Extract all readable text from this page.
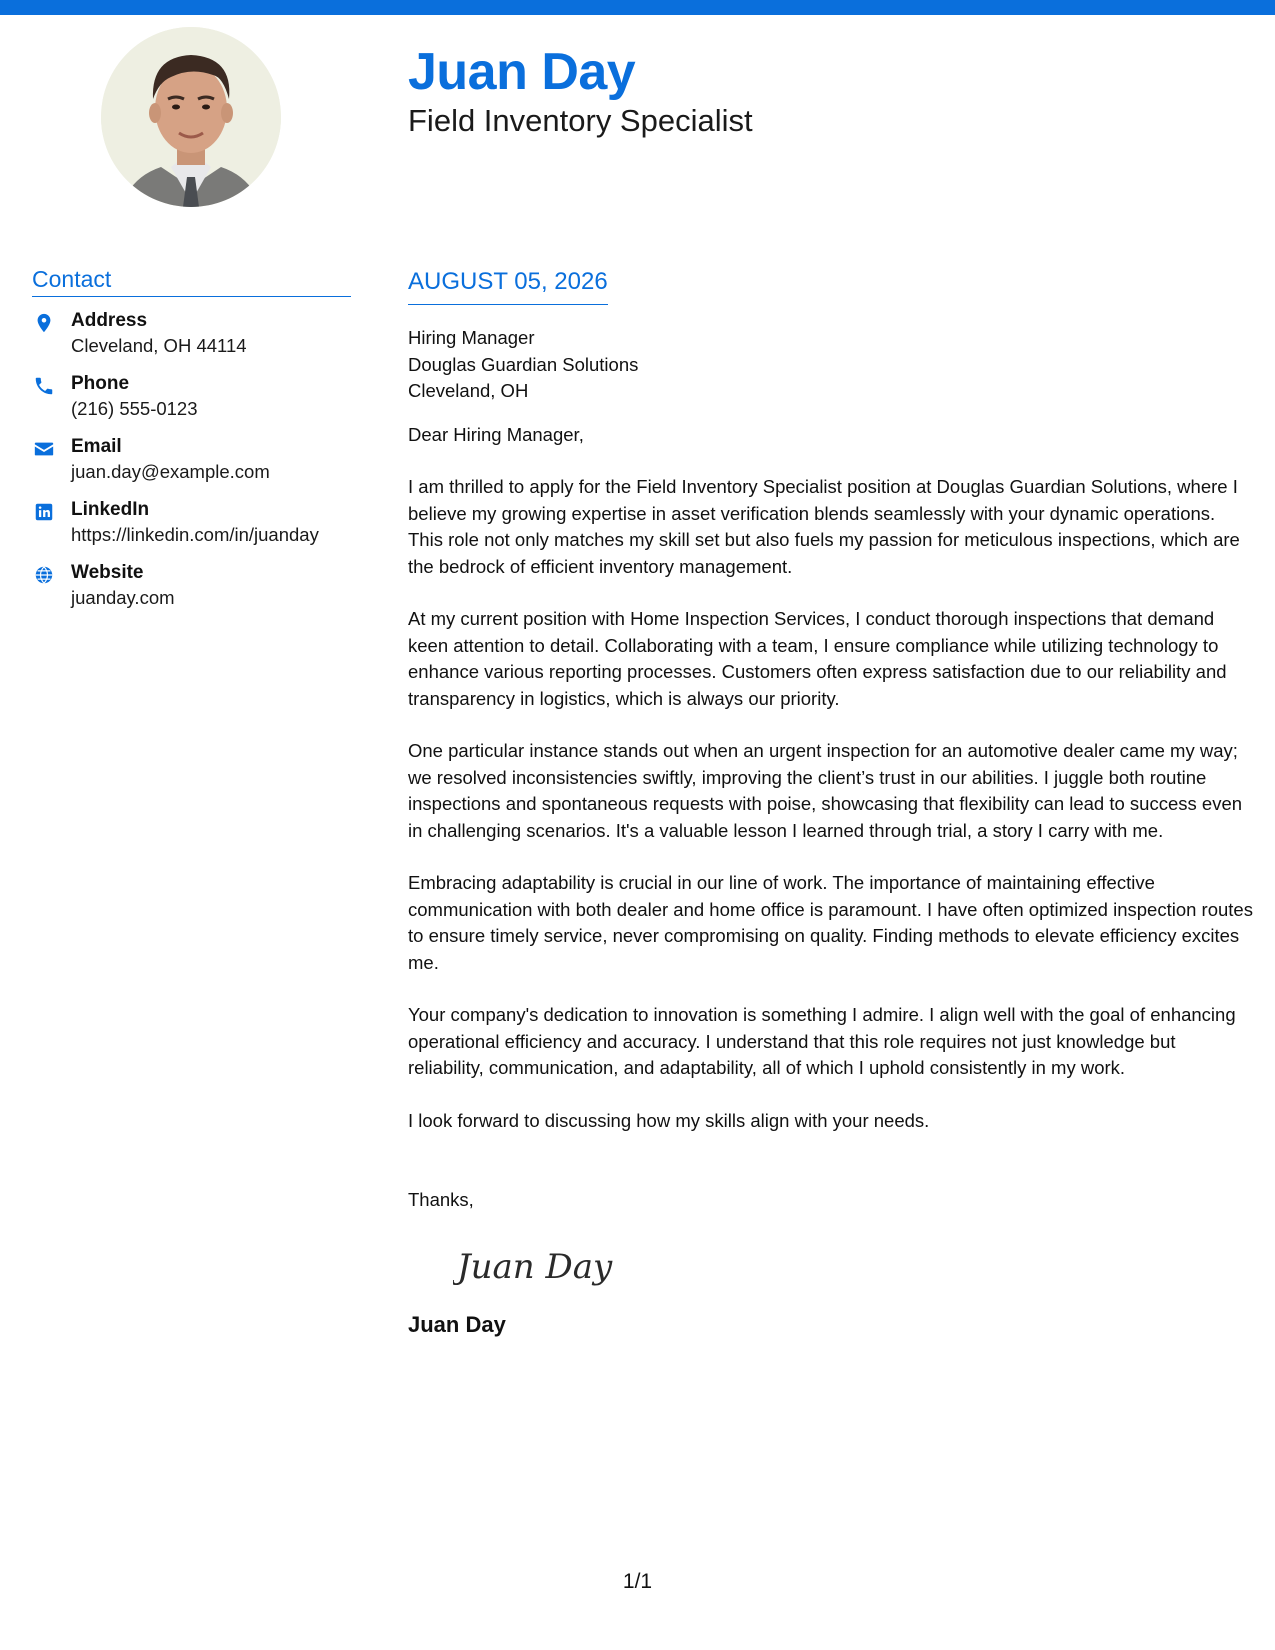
Juan Day
Field Inventory Specialist
Contact
Address
Cleveland, OH 44114
Phone
(216) 555-0123
Email
juan.day@example.com
LinkedIn
https://linkedin.com/in/juanday
Website
juanday.com
AUGUST 05, 2026
Hiring Manager
Douglas Guardian Solutions
Cleveland, OH
Dear Hiring Manager,

I am thrilled to apply for the Field Inventory Specialist position at Douglas Guardian Solutions, where I believe my growing expertise in asset verification blends seamlessly with your dynamic operations. This role not only matches my skill set but also fuels my passion for meticulous inspections, which are the bedrock of efficient inventory management.

At my current position with Home Inspection Services, I conduct thorough inspections that demand keen attention to detail. Collaborating with a team, I ensure compliance while utilizing technology to enhance various reporting processes. Customers often express satisfaction due to our reliability and transparency in logistics, which is always our priority.

One particular instance stands out when an urgent inspection for an automotive dealer came my way; we resolved inconsistencies swiftly, improving the client’s trust in our abilities. I juggle both routine inspections and spontaneous requests with poise, showcasing that flexibility can lead to success even in challenging scenarios. It's a valuable lesson I learned through trial, a story I carry with me.

Embracing adaptability is crucial in our line of work. The importance of maintaining effective communication with both dealer and home office is paramount. I have often optimized inspection routes to ensure timely service, never compromising on quality. Finding methods to elevate efficiency excites me.

Your company's dedication to innovation is something I admire. I align well with the goal of enhancing operational efficiency and accuracy. I understand that this role requires not just knowledge but reliability, communication, and adaptability, all of which I uphold consistently in my work.

I look forward to discussing how my skills align with your needs.

Thanks,
Juan Day
Juan Day
1/1
